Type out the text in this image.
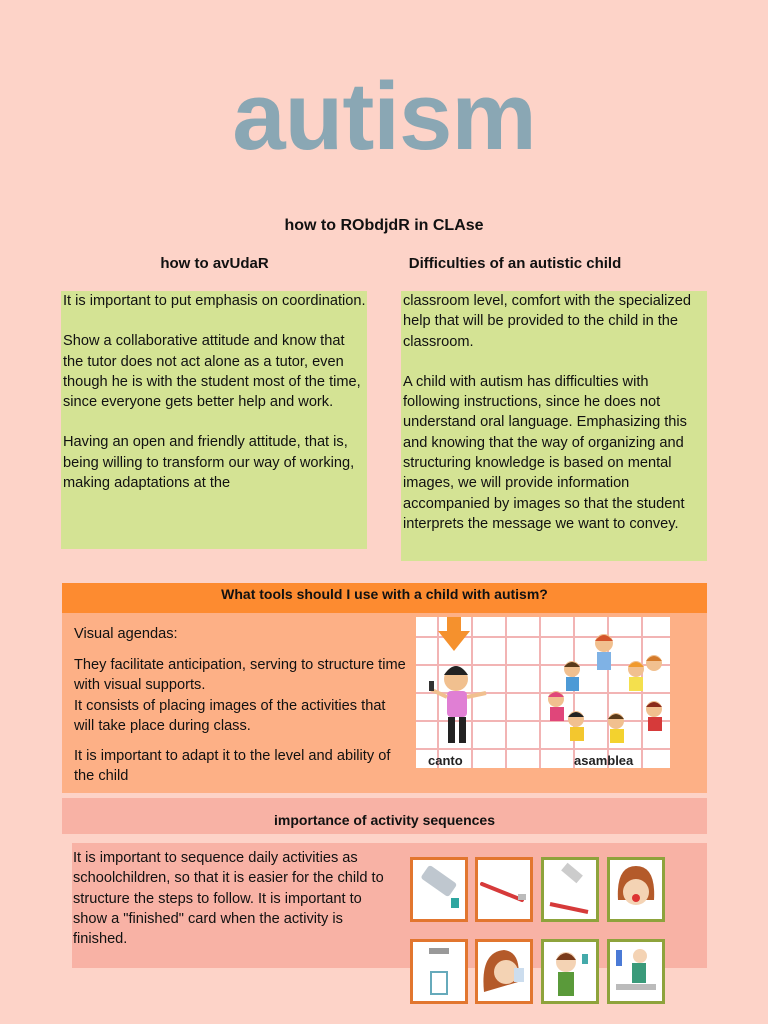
autism
how to RObdjdR in CLAse
how to avUdaR	Difficulties of an autistic child

It is important to put emphasis on coordination.

Show a collaborative attitude and know that the tutor does not act alone as a tutor, even though he is with the student most of the time, since everyone gets better help and work.

Having an open and friendly attitude, that is, being willing to transform our way of working, making adaptations at the

classroom level, comfort with the specialized help that will be provided to the child in the classroom.

A child with autism has difficulties with following instructions, since he does not understand oral language. Emphasizing this and knowing that the way of organizing and structuring knowledge is based on mental images, we will provide information accompanied by images so that the student interprets the message we want to convey.

What tools should I use with a child with autism?
Visual agendas:

They facilitate anticipation, serving to structure time with visual supports.

It consists of placing images of the activities that will take place during class.

It is important to adapt it to the level and ability of the child

canto	asamblea
importance of activity sequences
It is important to sequence daily activities as schoolchildren, so that it is easier for the child to structure the steps to follow. It is important to show a "finished" card when the activity is finished.
